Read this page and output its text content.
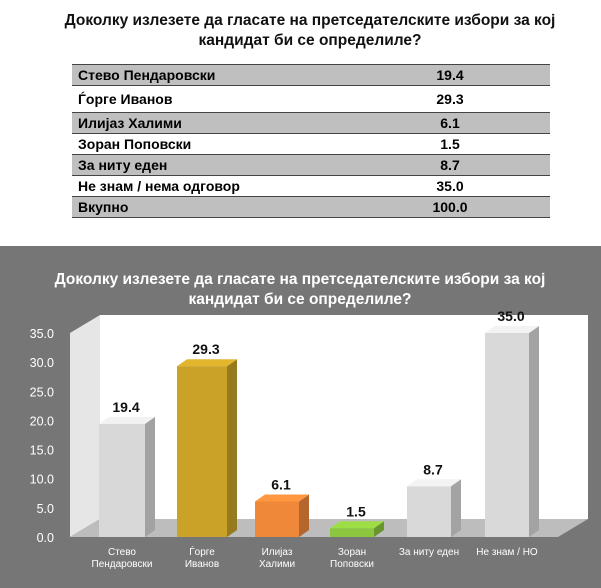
Доколку излезете да гласате на претседателските избори за кој кандидат би се определиле?
Стево Пендаровски	19.4
Ѓорге Иванов	29.3
Илијаз Халими	6.1
Зоран Поповски	1.5
За ниту еден	8.7
Не знам / нема одговор	35.0
Вкупно	100.0
Доколку излезете да гласате на претседателските избори за кој кандидат би се определиле?
0.0
5.0
10.0
15.0
20.0
25.0
30.0
35.0
19.4
Стево
Пендаровски
29.3
Ѓорге
Иванов
6.1
Илијаз
Халими
1.5
Зоран
Поповски
8.7
За ниту еден
35.0
Не знам / НО
